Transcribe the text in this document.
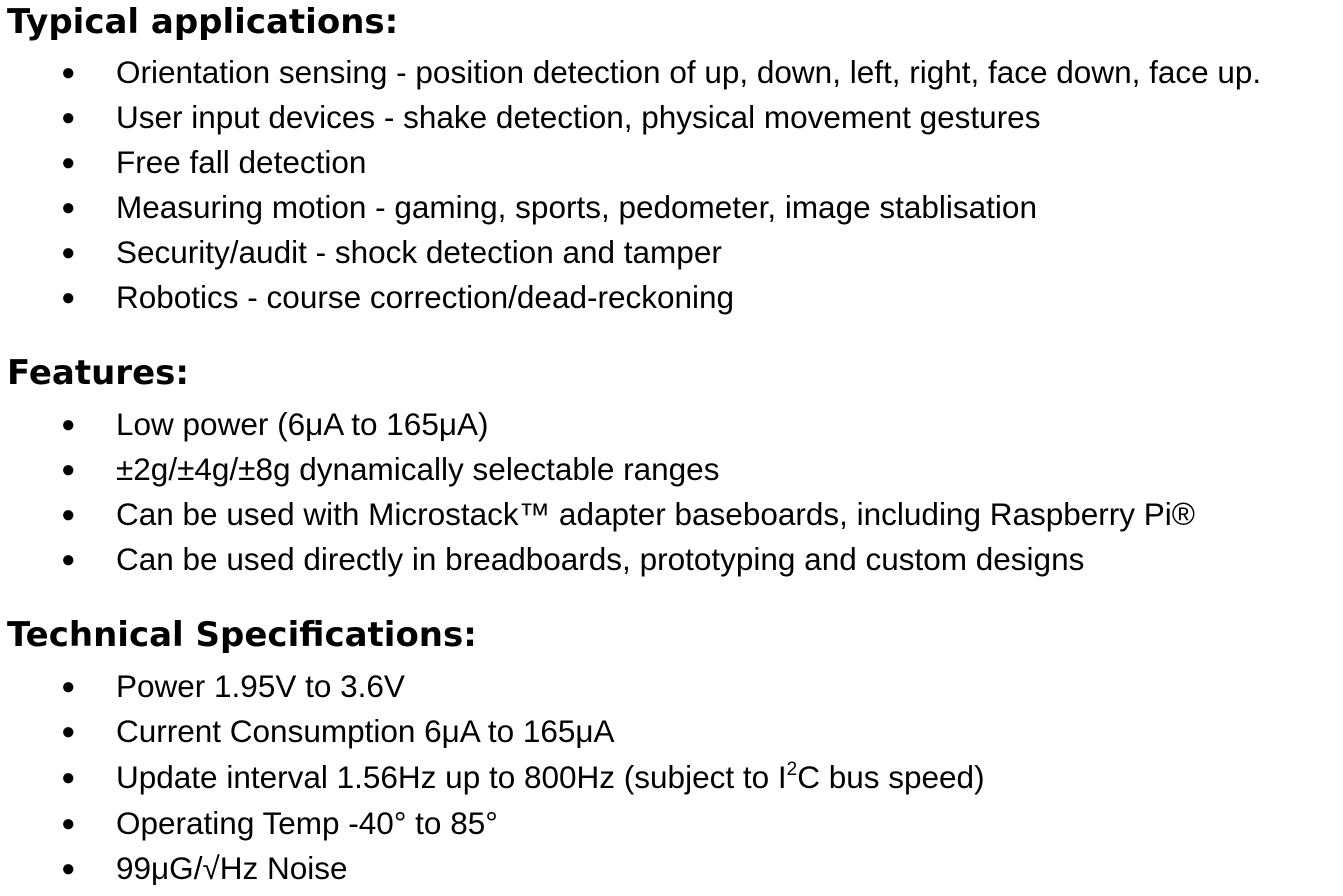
Typical applications:
● Orientation sensing - position detection of up, down, left, right, face down, face up.
● User input devices - shake detection, physical movement gestures
● Free fall detection
● Measuring motion - gaming, sports, pedometer, image stablisation
● Security/audit - shock detection and tamper
● Robotics - course correction/dead-reckoning
Features:
● Low power (6μA to 165μA)
● ±2g/±4g/±8g dynamically selectable ranges
● Can be used with Microstack™ adapter baseboards, including Raspberry Pi®
● Can be used directly in breadboards, prototyping and custom designs
Technical Specifications:
● Power 1.95V to 3.6V
● Current Consumption 6μA to 165μA
● Update interval 1.56Hz up to 800Hz (subject to $I^2C$ bus speed)
● Operating Temp -40° to 85°
● 99μG/√Hz Noise
